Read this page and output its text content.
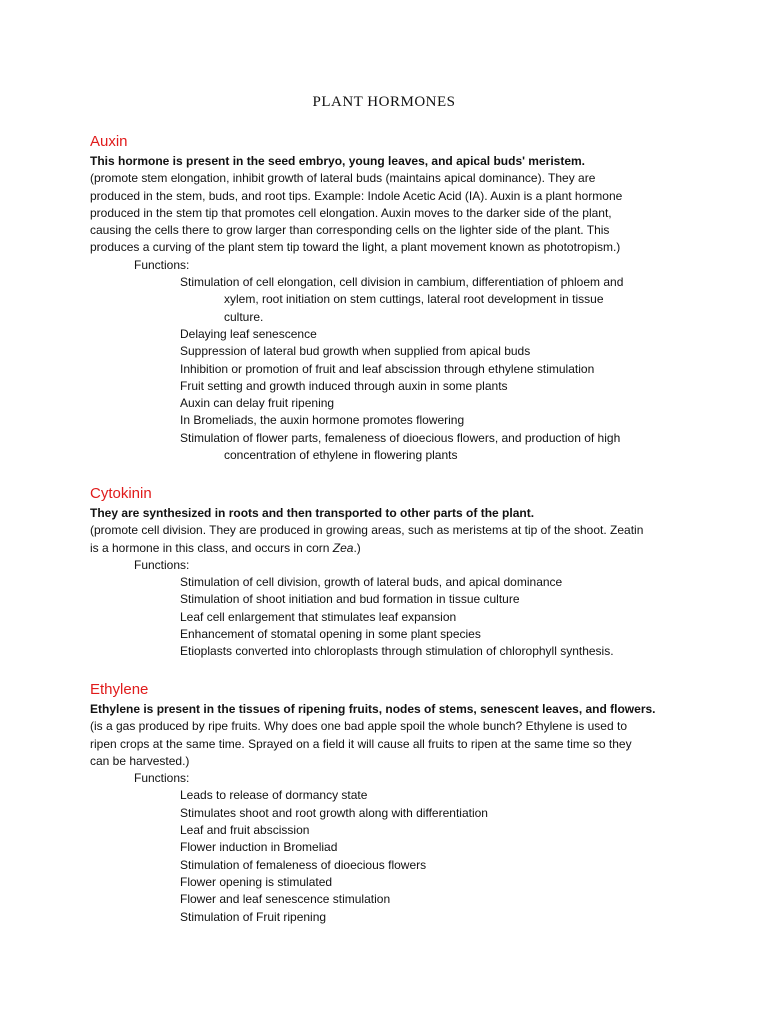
PLANT HORMONES
Auxin

This hormone is present in the seed embryo, young leaves, and apical buds' meristem.

(promote stem elongation, inhibit growth of lateral buds (maintains apical dominance). They are
produced in the stem, buds, and root tips. Example: Indole Acetic Acid (IA). Auxin is a plant hormone
produced in the stem tip that promotes cell elongation. Auxin moves to the darker side of the plant,
causing the cells there to grow larger than corresponding cells on the lighter side of the plant. This
produces a curving of the plant stem tip toward the light, a plant movement known as phototropism.)

Functions:

Stimulation of cell elongation, cell division in cambium, differentiation of phloem and
xylem, root initiation on stem cuttings, lateral root development in tissue
culture.
Delaying leaf senescence
Suppression of lateral bud growth when supplied from apical buds
Inhibition or promotion of fruit and leaf abscission through ethylene stimulation
Fruit setting and growth induced through auxin in some plants
Auxin can delay fruit ripening
In Bromeliads, the auxin hormone promotes flowering
Stimulation of flower parts, femaleness of dioecious flowers, and production of high
concentration of ethylene in flowering plants
Cytokinin

They are synthesized in roots and then transported to other parts of the plant.

(promote cell division. They are produced in growing areas, such as meristems at tip of the shoot. Zeatin
is a hormone in this class, and occurs in corn Zea.)

Functions:

Stimulation of cell division, growth of lateral buds, and apical dominance
Stimulation of shoot initiation and bud formation in tissue culture
Leaf cell enlargement that stimulates leaf expansion
Enhancement of stomatal opening in some plant species
Etioplasts converted into chloroplasts through stimulation of chlorophyll synthesis.
Ethylene

Ethylene is present in the tissues of ripening fruits, nodes of stems, senescent leaves, and flowers.

(is a gas produced by ripe fruits. Why does one bad apple spoil the whole bunch? Ethylene is used to
ripen crops at the same time. Sprayed on a field it will cause all fruits to ripen at the same time so they
can be harvested.)

Functions:

Leads to release of dormancy state
Stimulates shoot and root growth along with differentiation
Leaf and fruit abscission
Flower induction in Bromeliad
Stimulation of femaleness of dioecious flowers
Flower opening is stimulated
Flower and leaf senescence stimulation
Stimulation of Fruit ripening
